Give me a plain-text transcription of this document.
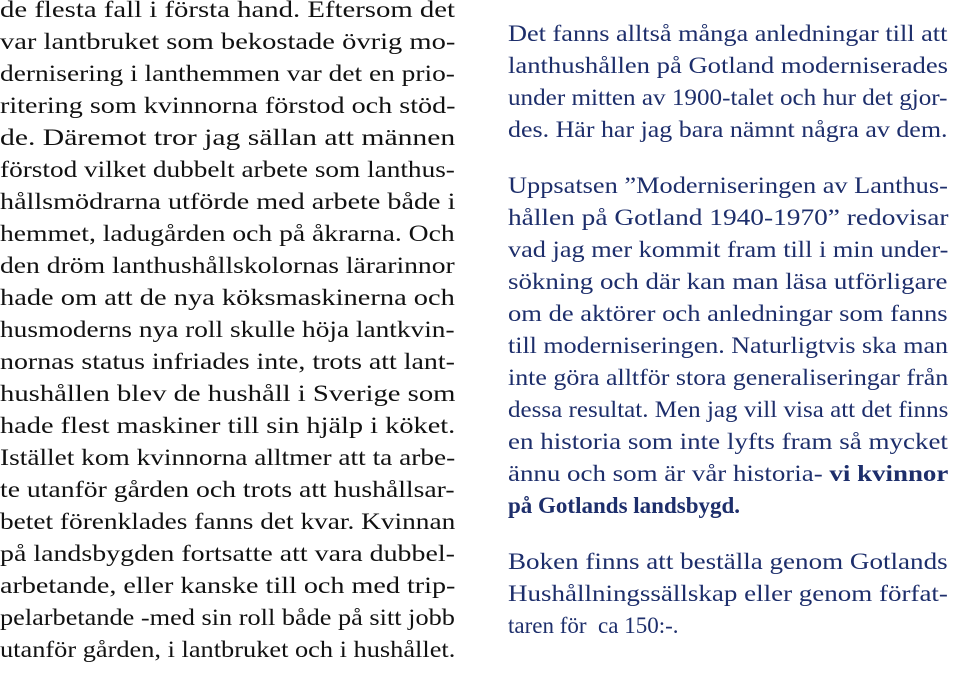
de flesta fall i första hand. Eftersom det
var lantbruket som bekostade övrig mo-
dernisering i lanthemmen var det en prio-
ritering som kvinnorna förstod och stöd-
de. Däremot tror jag sällan att männen
förstod vilket dubbelt arbete som lanthus-
hållsmödrarna utförde med arbete både i
hemmet, ladugården och på åkrarna. Och
den dröm lanthushållskolornas lärarinnor
hade om att de nya köksmaskinerna och
husmoderns nya roll skulle höja lantkvin-
nornas status infriades inte, trots att lant-
hushållen blev de hushåll i Sverige som
hade flest maskiner till sin hjälp i köket.
Istället kom kvinnorna alltmer att ta arbe-
te utanför gården och trots att hushållsar-
betet förenklades fanns det kvar. Kvinnan
på landsbygden fortsatte att vara dubbel-
arbetande, eller kanske till och med trip-
pelarbetande -med sin roll både på sitt jobb
utanför gården, i lantbruket och i hushållet.
Det fanns alltså många anledningar till att
lanthushållen på Gotland moderniserades
under mitten av 1900-talet och hur det gjor-
des. Här har jag bara nämnt några av dem.
Uppsatsen ”Moderniseringen av Lanthus-
hållen på Gotland 1940-1970” redovisar
vad jag mer kommit fram till i min under-
sökning och där kan man läsa utförligare
om de aktörer och anledningar som fanns
till moderniseringen. Naturligtvis ska man
inte göra alltför stora generaliseringar från
dessa resultat. Men jag vill visa att det finns
en historia som inte lyfts fram så mycket
ännu och som är vår historia- vi kvinnor
på Gotlands landsbygd.
Boken finns att beställa genom Gotlands
Hushållningssällskap eller genom förfat-
taren för  ca 150:-.
